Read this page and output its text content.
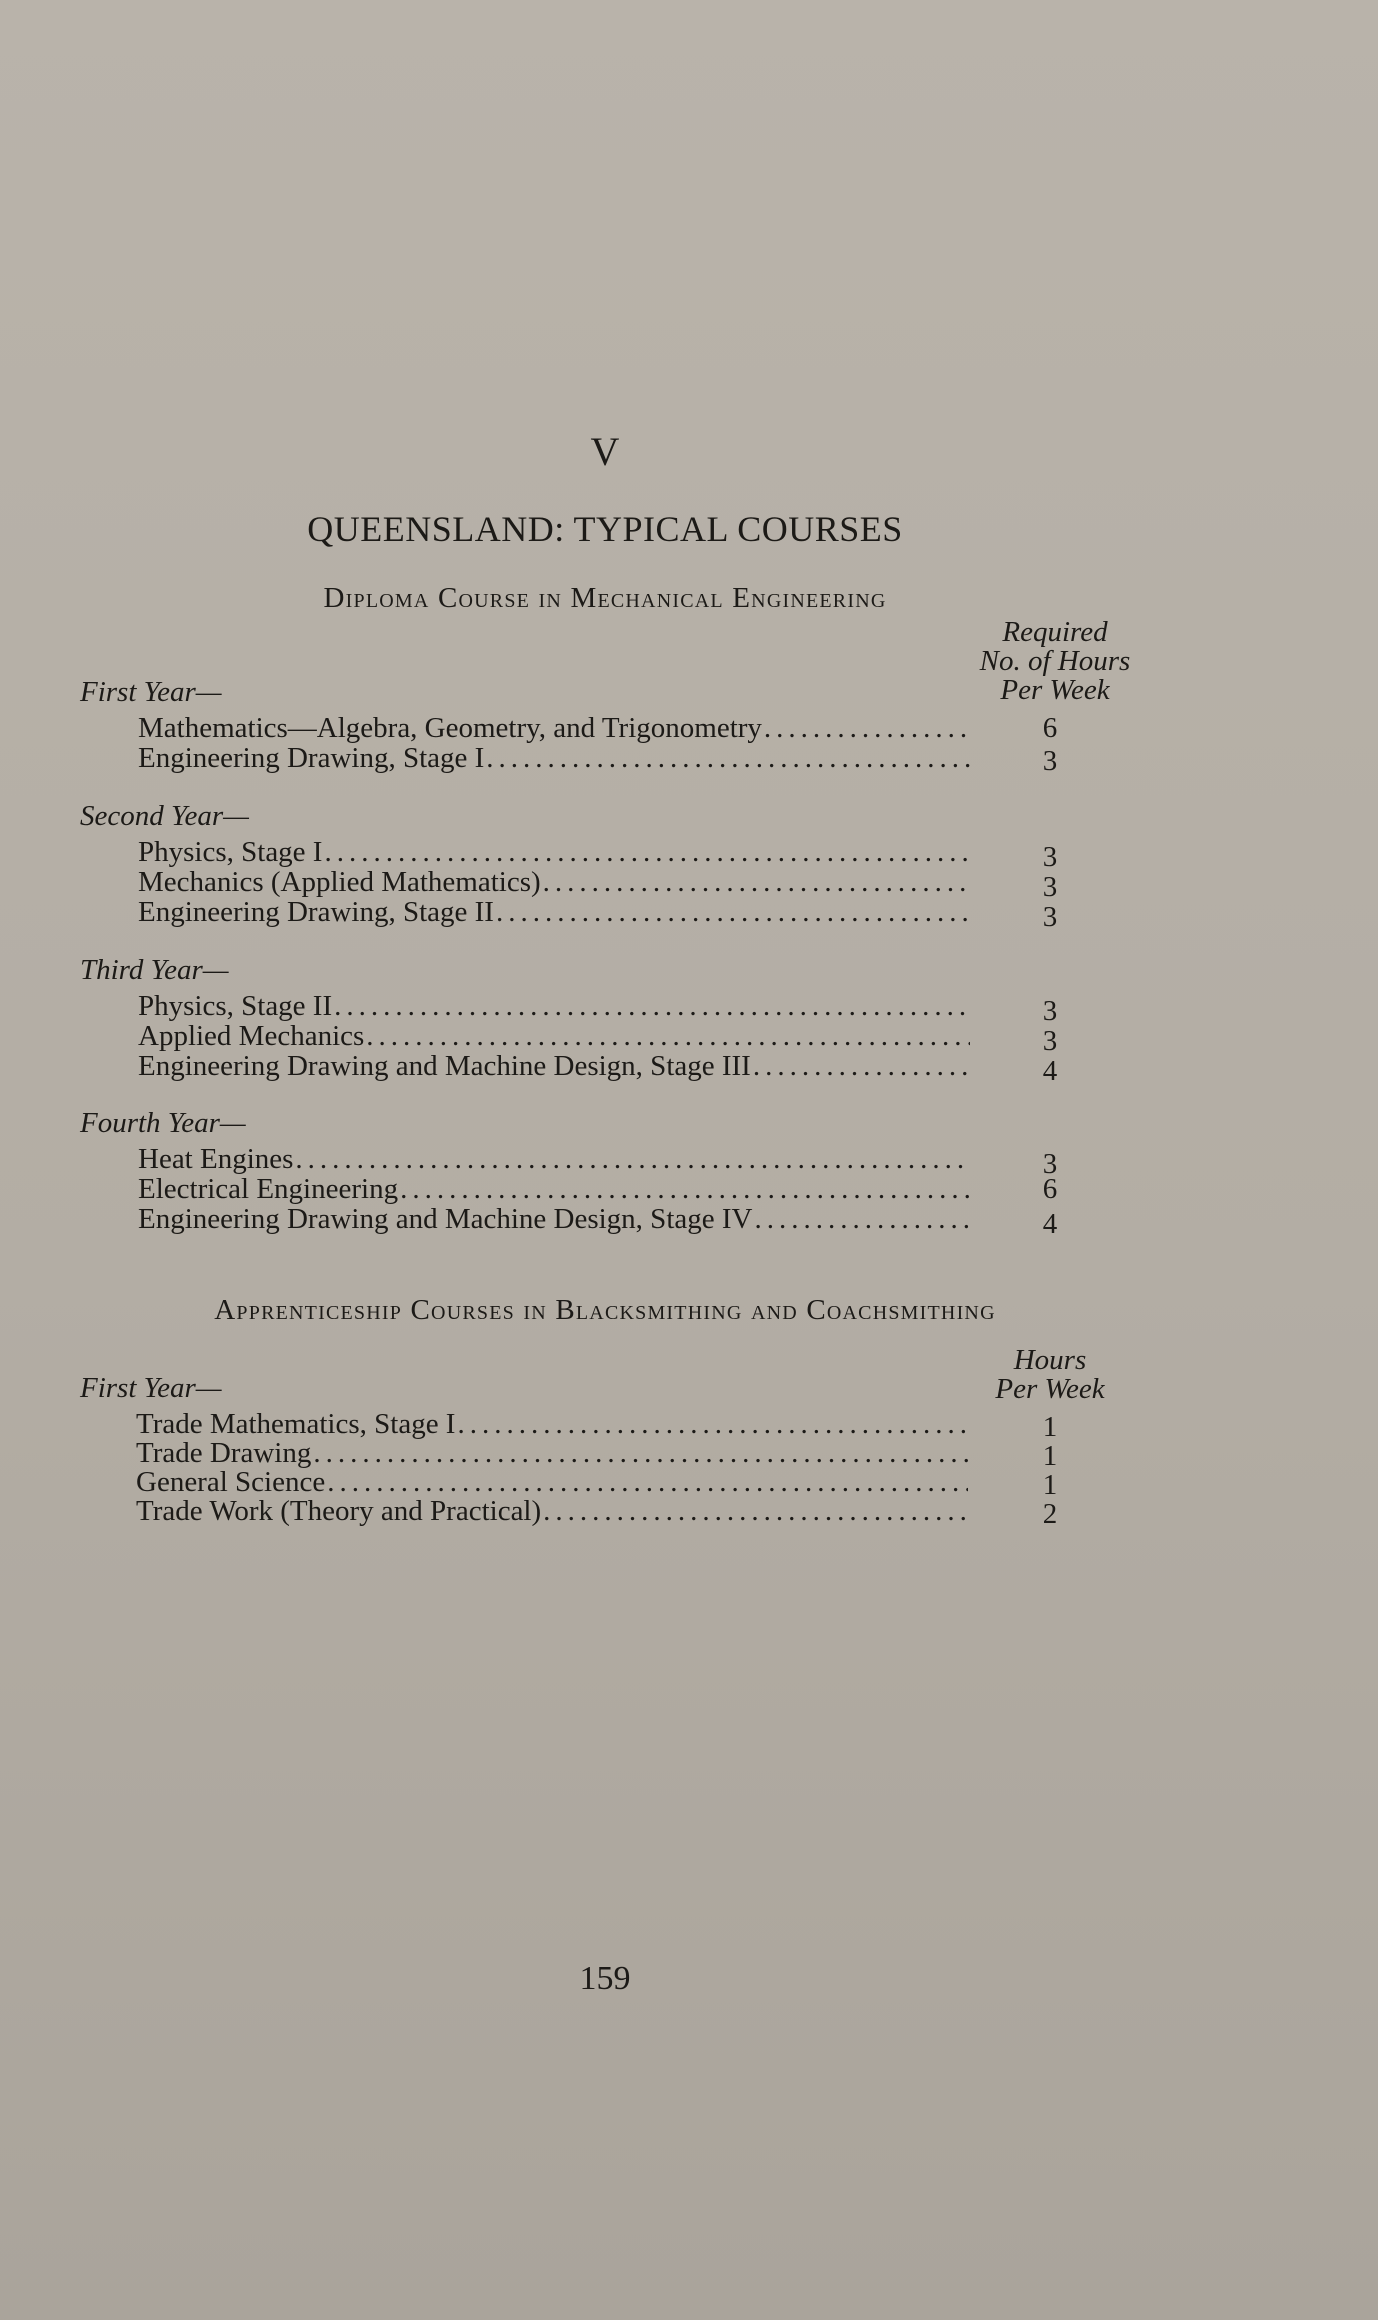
V
QUEENSLAND: TYPICAL COURSES
Diploma Course in Mechanical Engineering
Required
No. of Hours
Per Week
First Year—
Mathematics—Algebra, Geometry, and Trigonometry .....	6
Engineering Drawing, Stage I .....	3
Second Year—
Physics, Stage I .....	3
Mechanics (Applied Mathematics) .....	3
Engineering Drawing, Stage II .....	3
Third Year—
Physics, Stage II .....	3
Applied Mechanics .....	3
Engineering Drawing and Machine Design, Stage III .....	4
Fourth Year—
Heat Engines .....	3
Electrical Engineering .....	6
Engineering Drawing and Machine Design, Stage IV .....	4
Apprenticeship Courses in Blacksmithing and Coachsmithing
Hours
Per Week
First Year—
Trade Mathematics, Stage I .....	1
Trade Drawing .....	1
General Science .....	1
Trade Work (Theory and Practical) .....	2
159
